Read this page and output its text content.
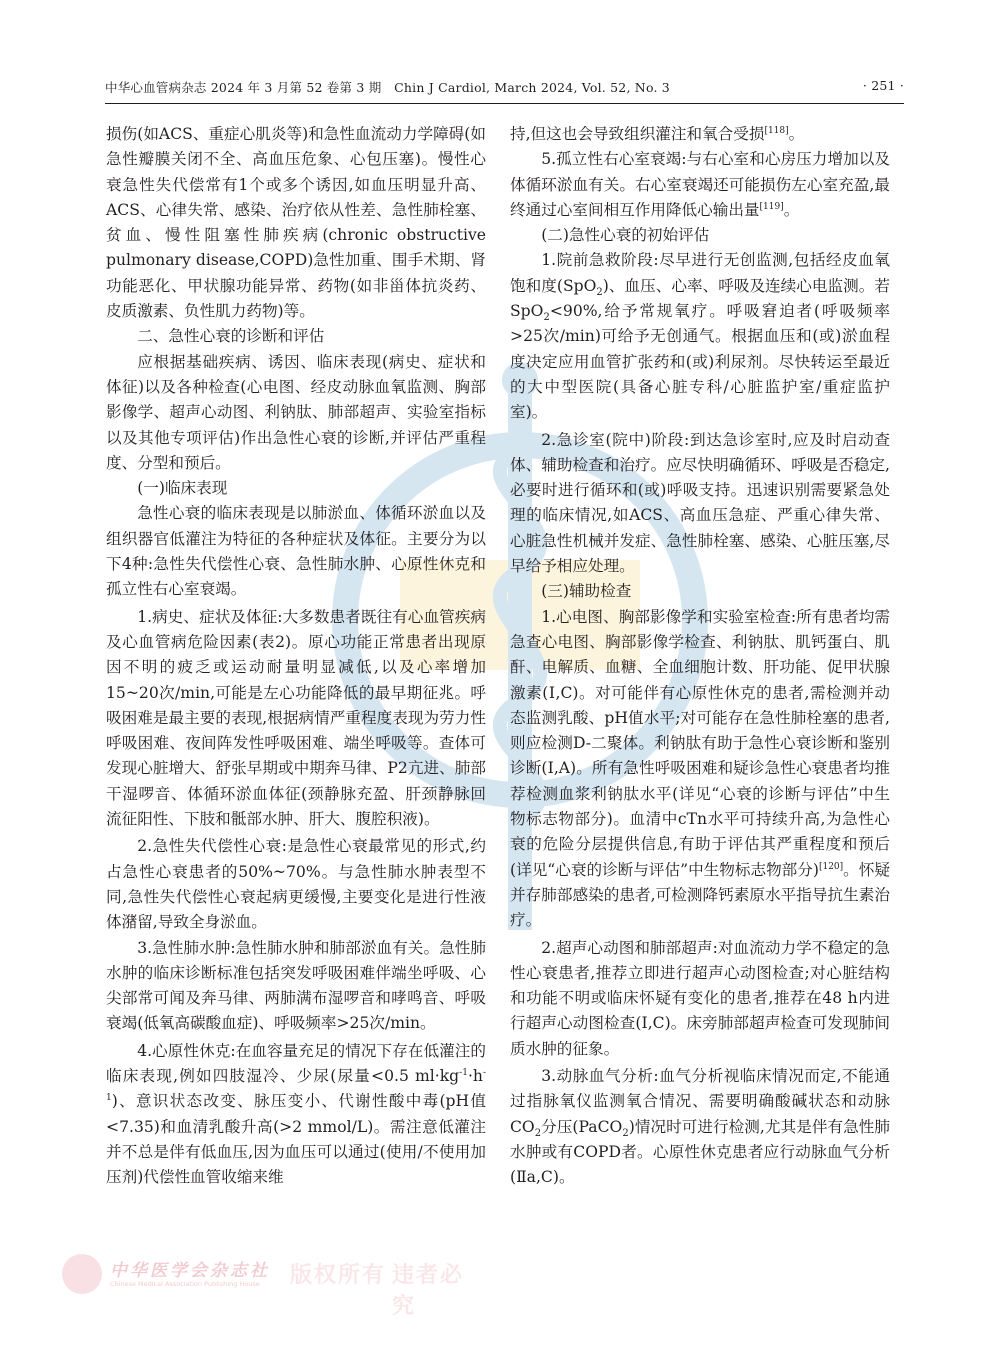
中华心血管病杂志 2024 年 3 月第 52 卷第 3 期　Chin J Cardiol, March 2024, Vol. 52, No. 3	· 251 ·

损伤(如ACS、重症心肌炎等)和急性血流动力学障碍(如急性瓣膜关闭不全、高血压危象、心包压塞)。慢性心衰急性失代偿常有1个或多个诱因,如血压明显升高、ACS、心律失常、感染、治疗依从性差、急性肺栓塞、贫血、慢性阻塞性肺疾病(chronic obstructive pulmonary disease,COPD)急性加重、围手术期、肾功能恶化、甲状腺功能异常、药物(如非甾体抗炎药、皮质激素、负性肌力药物)等。

二、急性心衰的诊断和评估

应根据基础疾病、诱因、临床表现(病史、症状和体征)以及各种检查(心电图、经皮动脉血氧监测、胸部影像学、超声心动图、利钠肽、肺部超声、实验室指标以及其他专项评估)作出急性心衰的诊断,并评估严重程度、分型和预后。

(一)临床表现

急性心衰的临床表现是以肺淤血、体循环淤血以及组织器官低灌注为特征的各种症状及体征。主要分为以下4种:急性失代偿性心衰、急性肺水肿、心原性休克和孤立性右心室衰竭。

1.病史、症状及体征:大多数患者既往有心血管疾病及心血管病危险因素(表2)。原心功能正常患者出现原因不明的疲乏或运动耐量明显减低,以及心率增加15~20次/min,可能是左心功能降低的最早期征兆。呼吸困难是最主要的表现,根据病情严重程度表现为劳力性呼吸困难、夜间阵发性呼吸困难、端坐呼吸等。查体可发现心脏增大、舒张早期或中期奔马律、P2亢进、肺部干湿啰音、体循环淤血体征(颈静脉充盈、肝颈静脉回流征阳性、下肢和骶部水肿、肝大、腹腔积液)。

2.急性失代偿性心衰:是急性心衰最常见的形式,约占急性心衰患者的50%~70%。与急性肺水肿表型不同,急性失代偿性心衰起病更缓慢,主要变化是进行性液体潴留,导致全身淤血。

3.急性肺水肿:急性肺水肿和肺部淤血有关。急性肺水肿的临床诊断标准包括突发呼吸困难伴端坐呼吸、心尖部常可闻及奔马律、两肺满布湿啰音和哮鸣音、呼吸衰竭(低氧高碳酸血症)、呼吸频率>25次/min。

4.心原性休克:在血容量充足的情况下存在低灌注的临床表现,例如四肢湿冷、少尿(尿量<0.5 $ml\cdot kg^{-1}\cdot h^{-1}$)、意识状态改变、脉压变小、代谢性酸中毒(pH值<7.35)和血清乳酸升高(>2 mmol/L)。需注意低灌注并不总是伴有低血压,因为血压可以通过(使用/不使用加压剂)代偿性血管收缩来维

持,但这也会导致组织灌注和氧合受损[118]。

5.孤立性右心室衰竭:与右心室和心房压力增加以及体循环淤血有关。右心室衰竭还可能损伤左心室充盈,最终通过心室间相互作用降低心输出量[119]。

(二)急性心衰的初始评估

1.院前急救阶段:尽早进行无创监测,包括经皮血氧饱和度(SpO$_2$)、血压、心率、呼吸及连续心电监测。若SpO$_2$<90%,给予常规氧疗。呼吸窘迫者(呼吸频率>25次/min)可给予无创通气。根据血压和(或)淤血程度决定应用血管扩张药和(或)利尿剂。尽快转运至最近的大中型医院(具备心脏专科/心脏监护室/重症监护室)。

2.急诊室(院中)阶段:到达急诊室时,应及时启动查体、辅助检查和治疗。应尽快明确循环、呼吸是否稳定,必要时进行循环和(或)呼吸支持。迅速识别需要紧急处理的临床情况,如ACS、高血压急症、严重心律失常、心脏急性机械并发症、急性肺栓塞、感染、心脏压塞,尽早给予相应处理。

(三)辅助检查

1.心电图、胸部影像学和实验室检查:所有患者均需急查心电图、胸部影像学检查、利钠肽、肌钙蛋白、肌酐、电解质、血糖、全血细胞计数、肝功能、促甲状腺激素(Ⅰ,C)。对可能伴有心原性休克的患者,需检测并动态监测乳酸、pH值水平;对可能存在急性肺栓塞的患者,则应检测D-二聚体。利钠肽有助于急性心衰诊断和鉴别诊断(Ⅰ,A)。所有急性呼吸困难和疑诊急性心衰患者均推荐检测血浆利钠肽水平(详见“心衰的诊断与评估”中生物标志物部分)。血清中cTn水平可持续升高,为急性心衰的危险分层提供信息,有助于评估其严重程度和预后(详见“心衰的诊断与评估”中生物标志物部分)[120]。怀疑并存肺部感染的患者,可检测降钙素原水平指导抗生素治疗。

2.超声心动图和肺部超声:对血流动力学不稳定的急性心衰患者,推荐立即进行超声心动图检查;对心脏结构和功能不明或临床怀疑有变化的患者,推荐在48 h内进行超声心动图检查(Ⅰ,C)。床旁肺部超声检查可发现肺间质水肿的征象。

3.动脉血气分析:血气分析视临床情况而定,不能通过指脉氧仪监测氧合情况、需要明确酸碱状态和动脉$CO_2$分压(PaCO$_2$)情况时可进行检测,尤其是伴有急性肺水肿或有COPD者。心原性休克患者应行动脉血气分析(Ⅱa,C)。

中华医学会杂志社
Chinese Medical Association Publishing House 版权所有 违者必究
